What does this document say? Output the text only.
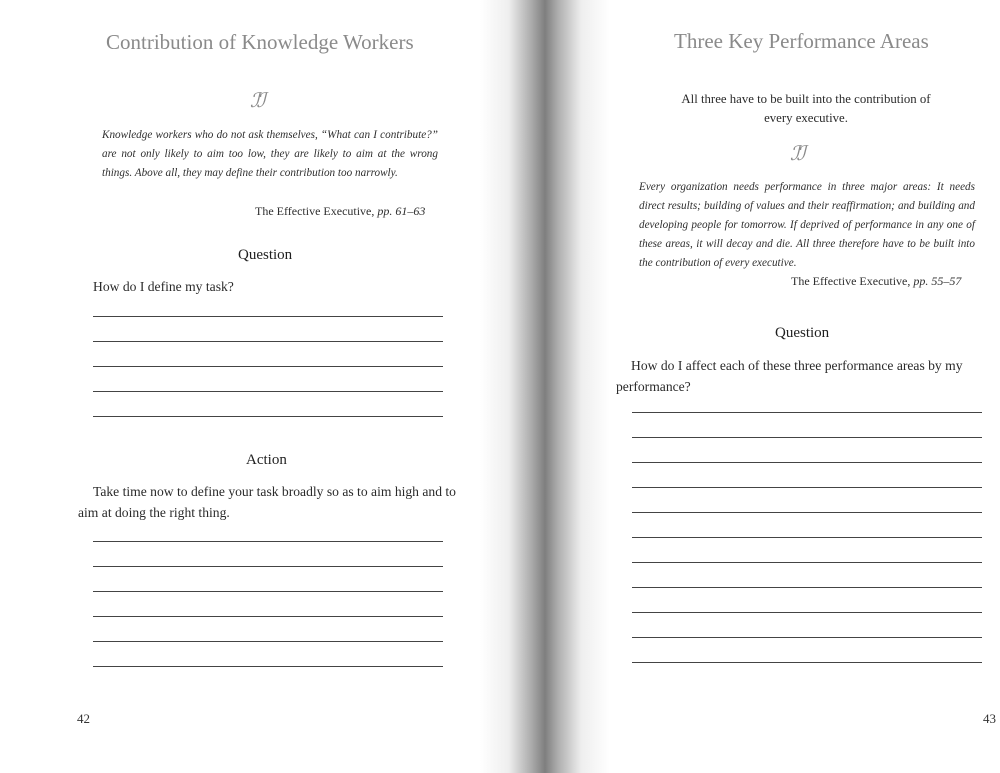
Contribution of Knowledge Workers
ℐℐ

Knowledge workers who do not ask themselves, “What can I contribute?” are not only likely to aim too low, they are likely to aim at the wrong things. Above all, they may define their contribution too narrowly.

The Effective Executive, pp. 61–63
Question

How do I define my task?

Action

Take time now to define your task broadly so as to aim high and to aim at doing the right thing.

42
Three Key Performance Areas

All three have to be built into the contribution of every executive.

ℐℐ

Every organization needs performance in three major areas: It needs direct results; building of values and their reaffirmation; and building and developing people for tomorrow. If deprived of performance in any one of these areas, it will decay and die. All three therefore have to be built into the contribution of every executive.

The Effective Executive, pp. 55–57
Question

How do I affect each of these three performance areas by my performance?

43
